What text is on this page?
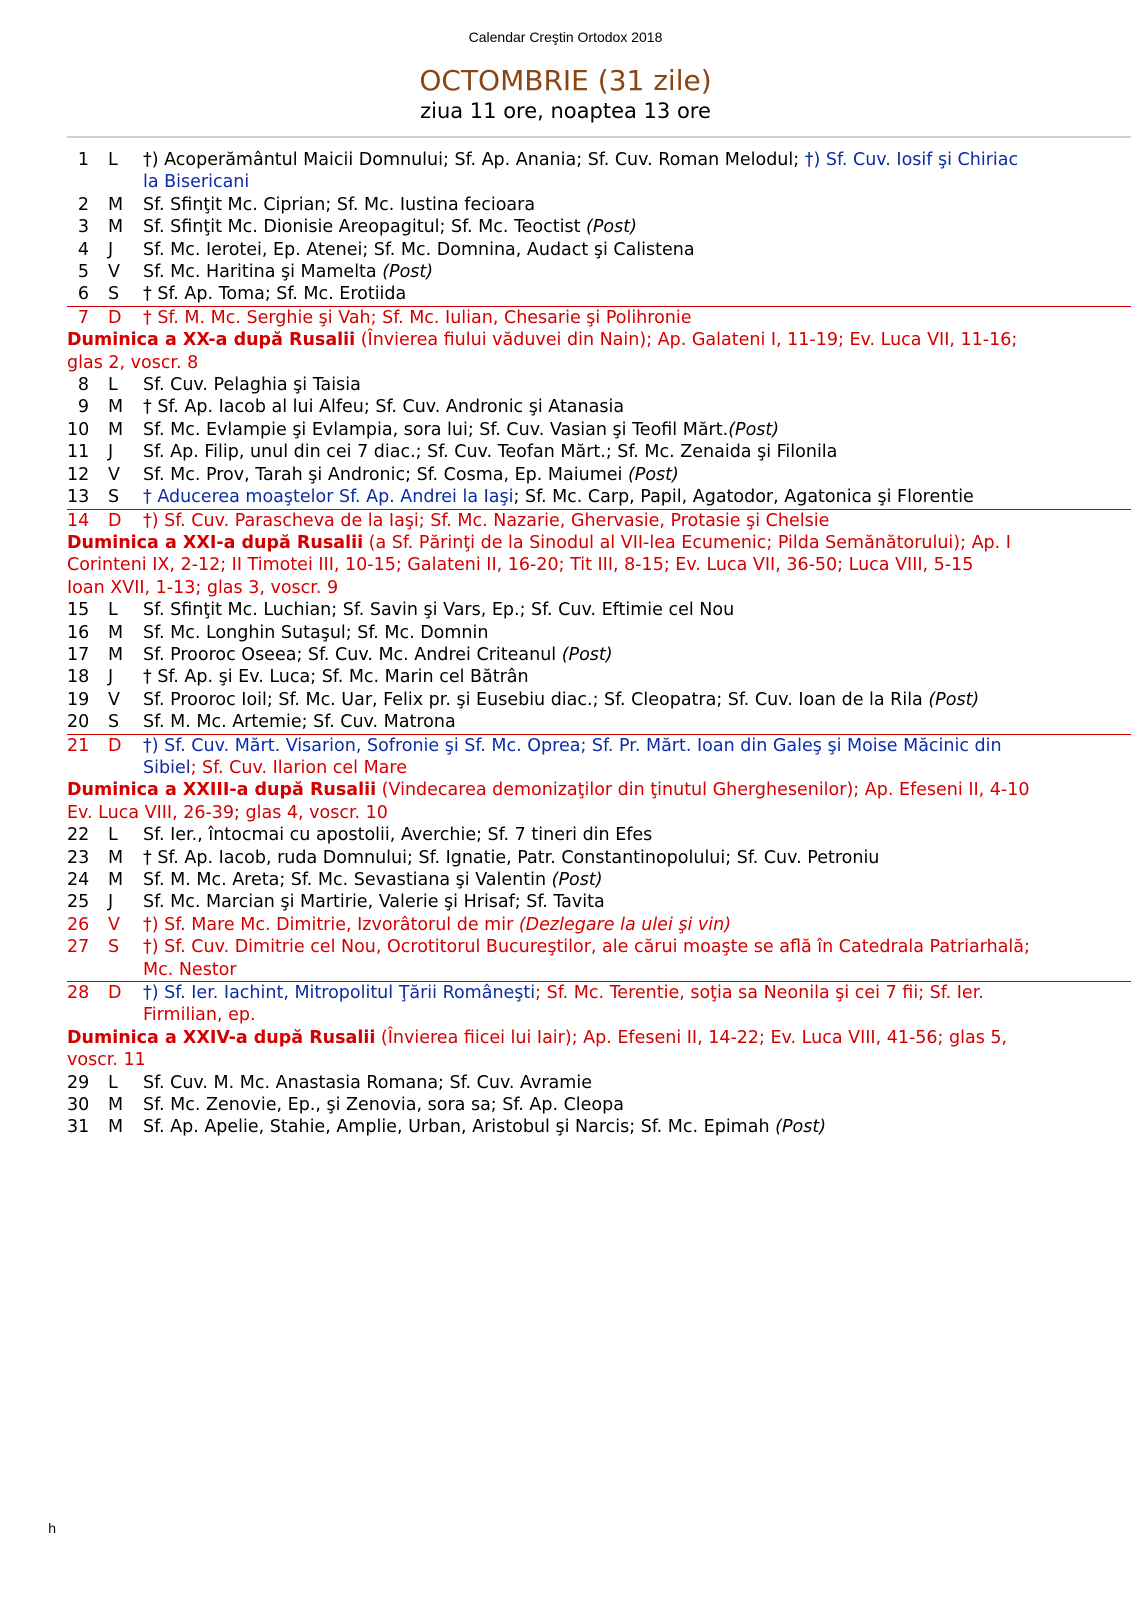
Calendar Creştin Ortodox 2018
OCTOMBRIE (31 zile)
ziua 11 ore, noaptea 13 ore
1 L †) Acoperământul Maicii Domnului; Sf. Ap. Anania; Sf. Cuv. Roman Melodul; †) Sf. Cuv. Iosif şi Chiriac
la Bisericani
2 M Sf. Sfinţit Mc. Ciprian; Sf. Mc. Iustina fecioara
3 M Sf. Sfinţit Mc. Dionisie Areopagitul; Sf. Mc. Teoctist (Post)
4 J Sf. Mc. Ierotei, Ep. Atenei; Sf. Mc. Domnina, Audact şi Calistena
5 V Sf. Mc. Haritina şi Mamelta (Post)
6 S † Sf. Ap. Toma; Sf. Mc. Erotiida
7 D † Sf. M. Mc. Serghie şi Vah; Sf. Mc. Iulian, Chesarie şi Polihronie
Duminica a XX-a după Rusalii (Învierea fiului văduvei din Nain); Ap. Galateni I, 11-19; Ev. Luca VII, 11-16;
glas 2, voscr. 8
8 L Sf. Cuv. Pelaghia şi Taisia
9 M † Sf. Ap. Iacob al lui Alfeu; Sf. Cuv. Andronic şi Atanasia
10 M Sf. Mc. Evlampie şi Evlampia, sora lui; Sf. Cuv. Vasian şi Teofil Mărt.(Post)
11 J Sf. Ap. Filip, unul din cei 7 diac.; Sf. Cuv. Teofan Mărt.; Sf. Mc. Zenaida şi Filonila
12 V Sf. Mc. Prov, Tarah şi Andronic; Sf. Cosma, Ep. Maiumei (Post)
13 S † Aducerea moaştelor Sf. Ap. Andrei la Iaşi; Sf. Mc. Carp, Papil, Agatodor, Agatonica şi Florentie
14 D †) Sf. Cuv. Parascheva de la Iaşi; Sf. Mc. Nazarie, Ghervasie, Protasie şi Chelsie
Duminica a XXI-a după Rusalii (a Sf. Părinţi de la Sinodul al VII-lea Ecumenic; Pilda Semănătorului); Ap. I
Corinteni IX, 2-12; II Timotei III, 10-15; Galateni II, 16-20; Tit III, 8-15; Ev. Luca VII, 36-50; Luca VIII, 5-15
Ioan XVII, 1-13; glas 3, voscr. 9
15 L Sf. Sfinţit Mc. Luchian; Sf. Savin şi Vars, Ep.; Sf. Cuv. Eftimie cel Nou
16 M Sf. Mc. Longhin Sutaşul; Sf. Mc. Domnin
17 M Sf. Prooroc Oseea; Sf. Cuv. Mc. Andrei Criteanul (Post)
18 J † Sf. Ap. şi Ev. Luca; Sf. Mc. Marin cel Bătrân
19 V Sf. Prooroc Ioil; Sf. Mc. Uar, Felix pr. şi Eusebiu diac.; Sf. Cleopatra; Sf. Cuv. Ioan de la Rila (Post)
20 S Sf. M. Mc. Artemie; Sf. Cuv. Matrona
21 D †) Sf. Cuv. Mărt. Visarion, Sofronie şi Sf. Mc. Oprea; Sf. Pr. Mărt. Ioan din Galeş şi Moise Măcinic din
Sibiel; Sf. Cuv. Ilarion cel Mare
Duminica a XXIII-a după Rusalii (Vindecarea demonizaţilor din ţinutul Gherghesenilor); Ap. Efeseni II, 4-10
Ev. Luca VIII, 26-39; glas 4, voscr. 10
22 L Sf. Ier., întocmai cu apostolii, Averchie; Sf. 7 tineri din Efes
23 M † Sf. Ap. Iacob, ruda Domnului; Sf. Ignatie, Patr. Constantinopolului; Sf. Cuv. Petroniu
24 M Sf. M. Mc. Areta; Sf. Mc. Sevastiana şi Valentin (Post)
25 J Sf. Mc. Marcian şi Martirie, Valerie şi Hrisaf; Sf. Tavita
26 V †) Sf. Mare Mc. Dimitrie, Izvorâtorul de mir (Dezlegare la ulei şi vin)
27 S †) Sf. Cuv. Dimitrie cel Nou, Ocrotitorul Bucureştilor, ale cărui moaşte se află în Catedrala Patriarhală;
Mc. Nestor
28 D †) Sf. Ier. Iachint, Mitropolitul Ţării Româneşti; Sf. Mc. Terentie, soţia sa Neonila şi cei 7 fii; Sf. Ier.
Firmilian, ep.
Duminica a XXIV-a după Rusalii (Învierea fiicei lui Iair); Ap. Efeseni II, 14-22; Ev. Luca VIII, 41-56; glas 5,
voscr. 11
29 L Sf. Cuv. M. Mc. Anastasia Romana; Sf. Cuv. Avramie
30 M Sf. Mc. Zenovie, Ep., şi Zenovia, sora sa; Sf. Ap. Cleopa
31 M Sf. Ap. Apelie, Stahie, Amplie, Urban, Aristobul şi Narcis; Sf. Mc. Epimah (Post)
h
